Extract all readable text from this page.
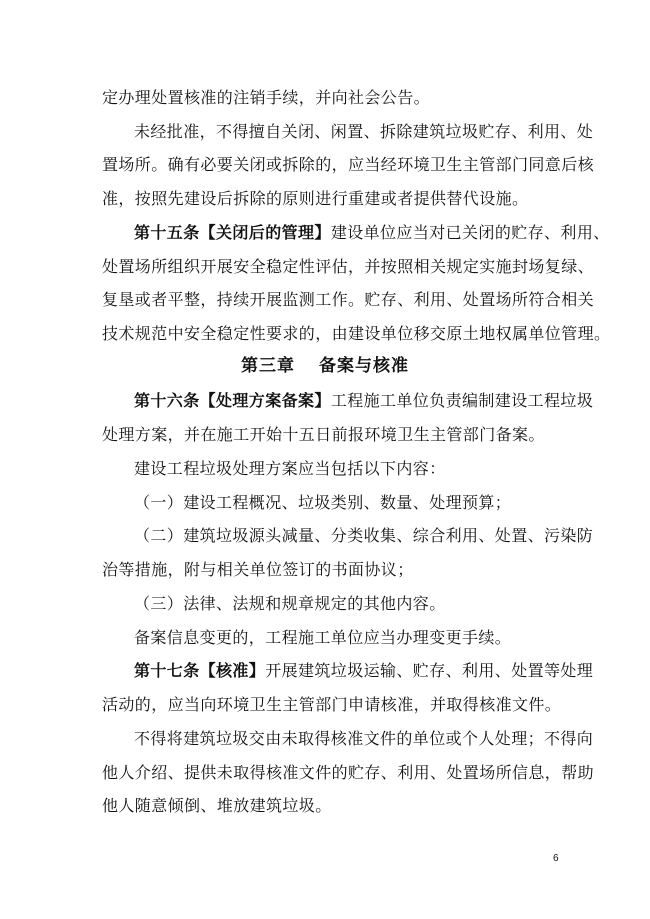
定办理处置核准的注销手续，并向社会公告。
未经批准，不得擅自关闭、闲置、拆除建筑垃圾贮存、利用、处
置场所。确有必要关闭或拆除的，应当经环境卫生主管部门同意后核
准，按照先建设后拆除的原则进行重建或者提供替代设施。
第十五条【关闭后的管理】建设单位应当对已关闭的贮存、利用、
处置场所组织开展安全稳定性评估，并按照相关规定实施封场复绿、
复垦或者平整，持续开展监测工作。贮存、利用、处置场所符合相关
技术规范中安全稳定性要求的，由建设单位移交原土地权属单位管理。
第三章 备案与核准
第十六条【处理方案备案】工程施工单位负责编制建设工程垃圾
处理方案，并在施工开始十五日前报环境卫生主管部门备案。
建设工程垃圾处理方案应当包括以下内容：
（一）建设工程概况、垃圾类别、数量、处理预算；
（二）建筑垃圾源头减量、分类收集、综合利用、处置、污染防
治等措施，附与相关单位签订的书面协议；
（三）法律、法规和规章规定的其他内容。
备案信息变更的，工程施工单位应当办理变更手续。
第十七条【核准】开展建筑垃圾运输、贮存、利用、处置等处理
活动的，应当向环境卫生主管部门申请核准，并取得核准文件。
不得将建筑垃圾交由未取得核准文件的单位或个人处理；不得向
他人介绍、提供未取得核准文件的贮存、利用、处置场所信息，帮助
他人随意倾倒、堆放建筑垃圾。
6
